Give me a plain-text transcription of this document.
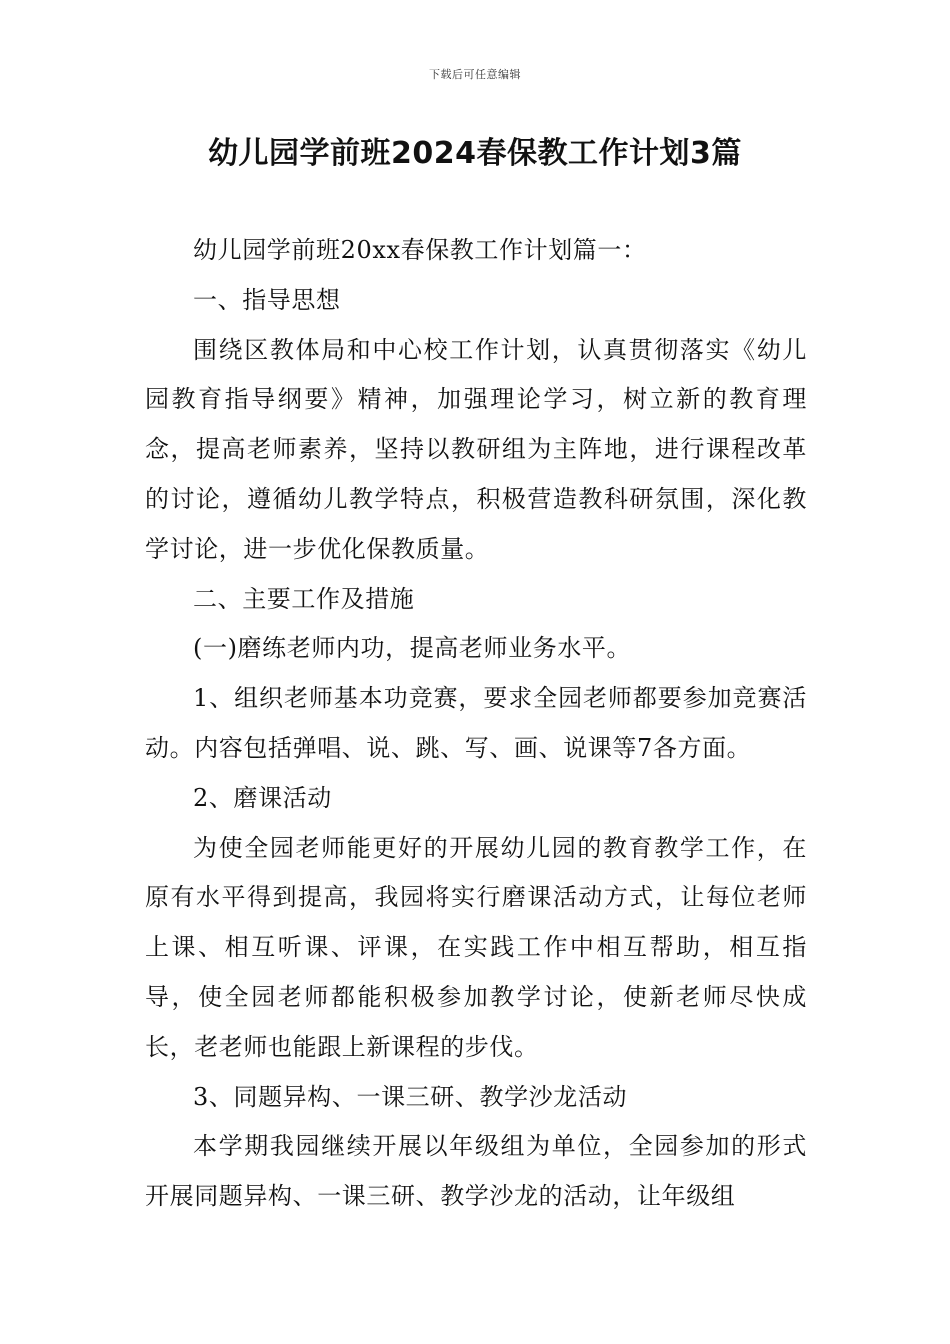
下载后可任意编辑
幼儿园学前班2024春保教工作计划3篇

幼儿园学前班20xx春保教工作计划篇一：

一、指导思想

围绕区教体局和中心校工作计划，认真贯彻落实《幼儿园教育指导纲要》精神，加强理论学习，树立新的教育理念，提高老师素养，坚持以教研组为主阵地，进行课程改革的讨论，遵循幼儿教学特点，积极营造教科研氛围，深化教学讨论，进一步优化保教质量。

二、主要工作及措施

(一)磨练老师内功，提高老师业务水平。

1、组织老师基本功竞赛，要求全园老师都要参加竞赛活动。内容包括弹唱、说、跳、写、画、说课等7各方面。

2、磨课活动

为使全园老师能更好的开展幼儿园的教育教学工作，在原有水平得到提高，我园将实行磨课活动方式，让每位老师上课、相互听课、评课，在实践工作中相互帮助，相互指导，使全园老师都能积极参加教学讨论，使新老师尽快成长，老老师也能跟上新课程的步伐。

3、同题异构、一课三研、教学沙龙活动

本学期我园继续开展以年级组为单位，全园参加的形式开展同题异构、一课三研、教学沙龙的活动，让年级组
